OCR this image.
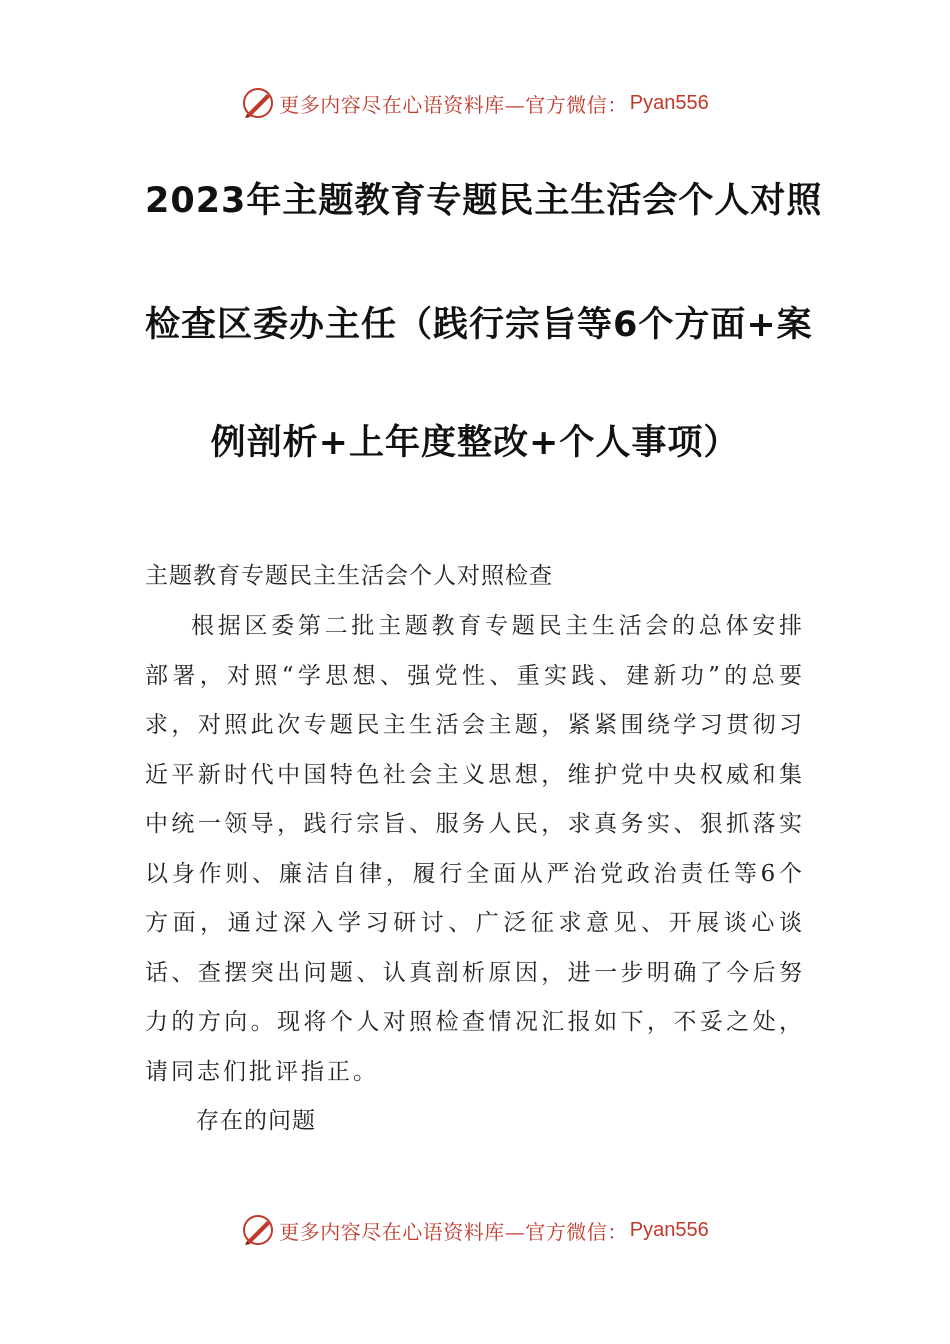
更多内容尽在心语资料库—官方微信： Pyan556
2023年主题教育专题民主生活会个人对照
检查区委办主任（践行宗旨等6个方面+案
例剖析+上年度整改+个人事项）
主题教育专题民主生活会个人对照检查
根据区委第二批主题教育专题民主生活会的总体安排部署，对照“学思想、强党性、重实践、建新功”的总要求，对照此次专题民主生活会主题，紧紧围绕学习贯彻习近平新时代中国特色社会主义思想，维护党中央权威和集中统一领导，践行宗旨、服务人民，求真务实、狠抓落实以身作则、廉洁自律，履行全面从严治党政治责任等6个方面，通过深入学习研讨、广泛征求意见、开展谈心谈话、查摆突出问题、认真剖析原因，进一步明确了今后努力的方向。现将个人对照检查情况汇报如下，不妥之处，请同志们批评指正。
存在的问题
更多内容尽在心语资料库—官方微信： Pyan556
